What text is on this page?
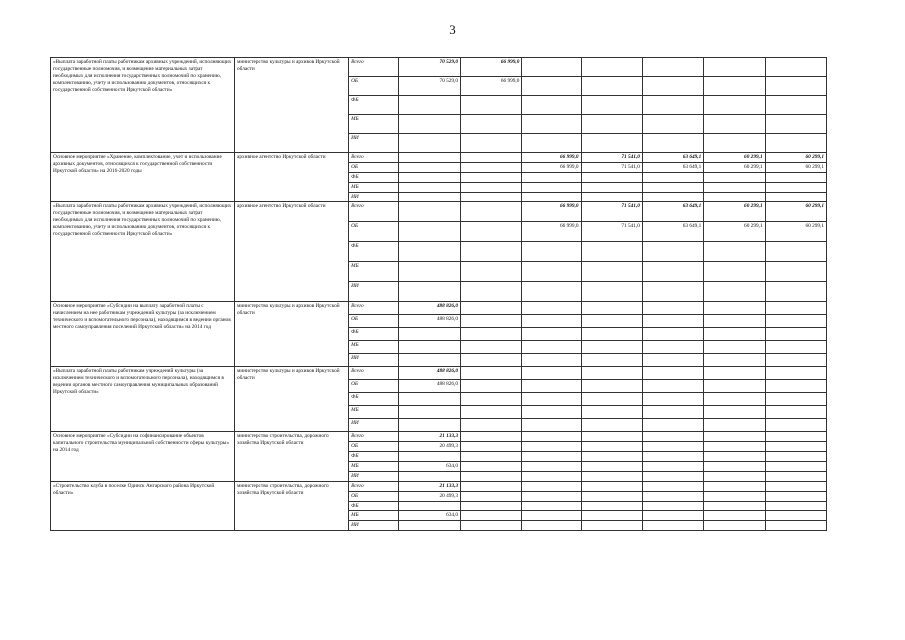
3
«Выплата заработной платы работникам архивных учреждений, исполняющих государственные полномочия, и возмещение материальных затрат необходимых для исполнения государственных полномочий по хранению, комплектованию, учету и использованию документов, относящихся к государственной собственности Иркутской области»	министерство культуры и архивов Иркутской области	Всего	70 529,0	66 999,0					
		ОБ	70 529,0	66 999,0					
		ФБ							
		МБ							
		ИИ							
Основное мероприятие «Хранение, комплектование, учет и использование архивных документов, относящихся к государственной собственности Иркутской области» на 2016-2020 годы	архивное агентство Иркутской области	Всего			66 999,0	71 541,0	63 649,1	60 299,1	60 299,1
		ОБ			66 999,0	71 541,0	63 649,1	60 299,1	60 299,1
		ФБ							
		МБ							
		ИИ							
«Выплата заработной платы работникам архивных учреждений, исполняющих государственные полномочия, и возмещение материальных затрат необходимых для исполнения государственных полномочий по хранению, комплектованию, учету и использованию документов, относящихся к государственной собственности Иркутской области»	архивное агентство Иркутской области	Всего			66 999,0	71 541,0	63 649,1	60 299,1	60 299,1
		ОБ			66 999,0	71 541,0	63 649,1	60 299,1	60 299,1
		ФБ							
		МБ							
		ИИ							
Основное мероприятие «Субсидии на выплату заработной платы с начислением на нее работникам учреждений культуры (за исключением технического и вспомогательного персонала), находящимся в ведении органов местного самоуправления поселений Иркутской области» на 2014 год	министерство культуры и архивов Иркутской области	Всего	488 826,0						
		ОБ	488 826,0						
		ФБ							
		МБ							
		ИИ							
«Выплата заработной платы работникам учреждений культуры (за исключением технического и вспомогательного персонала), находящимся в ведении органов местного самоуправления муниципальных образований Иркутской области»	министерство культуры и архивов Иркутской области	Всего	488 826,0						
		ОБ	488 826,0						
		ФБ							
		МБ							
		ИИ							
Основное мероприятие «Субсидии на софинансирование объектов капитального строительства муниципальной собственности сферы культуры» на 2014 год	министерство строительства, дорожного хозяйства Иркутской области	Всего	21 133,3						
		ОБ	20 499,3						
		ФБ							
		МБ	634,0						
		ИИ							
«Строительство клуба в поселке Одинск Ангарского района Иркутской области»	министерство строительства, дорожного хозяйства Иркутской области	Всего	21 133,3						
		ОБ	20 499,3						
		ФБ							
		МБ	634,0						
		ИИ							
